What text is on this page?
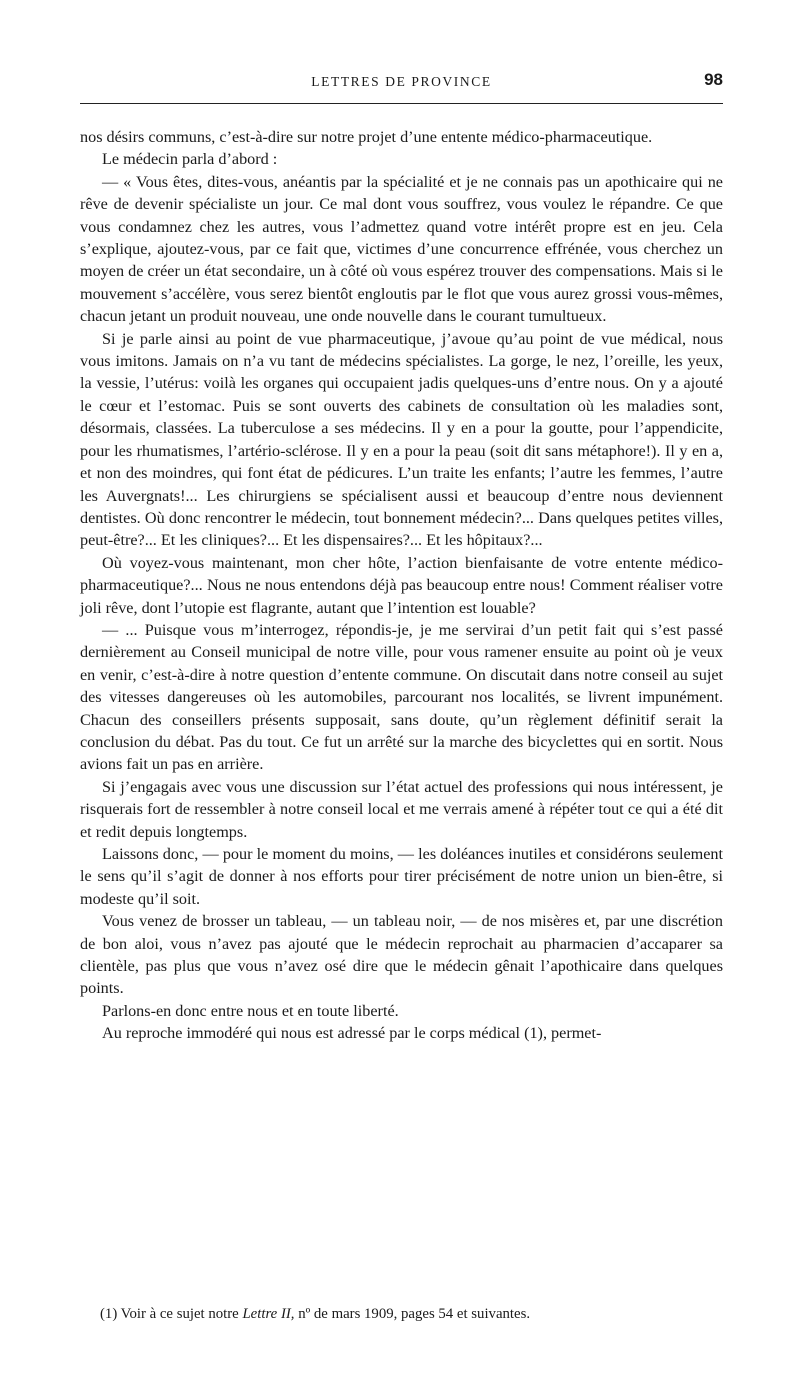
LETTRES DE PROVINCE	98

nos désirs communs, c’est-à-dire sur notre projet d’une entente médico-pharmaceutique.

Le médecin parla d’abord :

— « Vous êtes, dites-vous, anéantis par la spécialité et je ne connais pas un apothicaire qui ne rêve de devenir spécialiste un jour. Ce mal dont vous souffrez, vous voulez le répandre. Ce que vous condamnez chez les autres, vous l’admettez quand votre intérêt propre est en jeu. Cela s’explique, ajoutez-vous, par ce fait que, victimes d’une concurrence effrénée, vous cherchez un moyen de créer un état secondaire, un à côté où vous espérez trouver des compensations. Mais si le mouvement s’accélère, vous serez bientôt engloutis par le flot que vous aurez grossi vous-mêmes, chacun jetant un produit nouveau, une onde nouvelle dans le courant tumultueux.

Si je parle ainsi au point de vue pharmaceutique, j’avoue qu’au point de vue médical, nous vous imitons. Jamais on n’a vu tant de médecins spécialistes. La gorge, le nez, l’oreille, les yeux, la vessie, l’utérus: voilà les organes qui occupaient jadis quelques-uns d’entre nous. On y a ajouté le cœur et l’estomac. Puis se sont ouverts des cabinets de consultation où les maladies sont, désormais, classées. La tuberculose a ses médecins. Il y en a pour la goutte, pour l’appendicite, pour les rhumatismes, l’artério-sclérose. Il y en a pour la peau (soit dit sans métaphore!). Il y en a, et non des moindres, qui font état de pédicures. L’un traite les enfants; l’autre les femmes, l’autre les Auvergnats!... Les chirurgiens se spécialisent aussi et beaucoup d’entre nous deviennent dentistes. Où donc rencontrer le médecin, tout bonnement médecin?... Dans quelques petites villes, peut-être?... Et les cliniques?... Et les dispensaires?... Et les hôpitaux?...

Où voyez-vous maintenant, mon cher hôte, l’action bienfaisante de votre entente médico-pharmaceutique?... Nous ne nous entendons déjà pas beaucoup entre nous! Comment réaliser votre joli rêve, dont l’utopie est flagrante, autant que l’intention est louable?

— ... Puisque vous m’interrogez, répondis-je, je me servirai d’un petit fait qui s’est passé dernièrement au Conseil municipal de notre ville, pour vous ramener ensuite au point où je veux en venir, c’est-à-dire à notre question d’entente commune. On discutait dans notre conseil au sujet des vitesses dangereuses où les automobiles, parcourant nos localités, se livrent impunément. Chacun des conseillers présents supposait, sans doute, qu’un règlement définitif serait la conclusion du débat. Pas du tout. Ce fut un arrêté sur la marche des bicyclettes qui en sortit. Nous avions fait un pas en arrière.

Si j’engagais avec vous une discussion sur l’état actuel des professions qui nous intéressent, je risquerais fort de ressembler à notre conseil local et me verrais amené à répéter tout ce qui a été dit et redit depuis longtemps.

Laissons donc, — pour le moment du moins, — les doléances inutiles et considérons seulement le sens qu’il s’agit de donner à nos efforts pour tirer précisément de notre union un bien-être, si modeste qu’il soit.

Vous venez de brosser un tableau, — un tableau noir, — de nos misères et, par une discrétion de bon aloi, vous n’avez pas ajouté que le médecin reprochait au pharmacien d’accaparer sa clientèle, pas plus que vous n’avez osé dire que le médecin gênait l’apothicaire dans quelques points.

Parlons-en donc entre nous et en toute liberté.

Au reproche immodéré qui nous est adressé par le corps médical (1), permet-

(1) Voir à ce sujet notre Lettre II, nº de mars 1909, pages 54 et suivantes.
